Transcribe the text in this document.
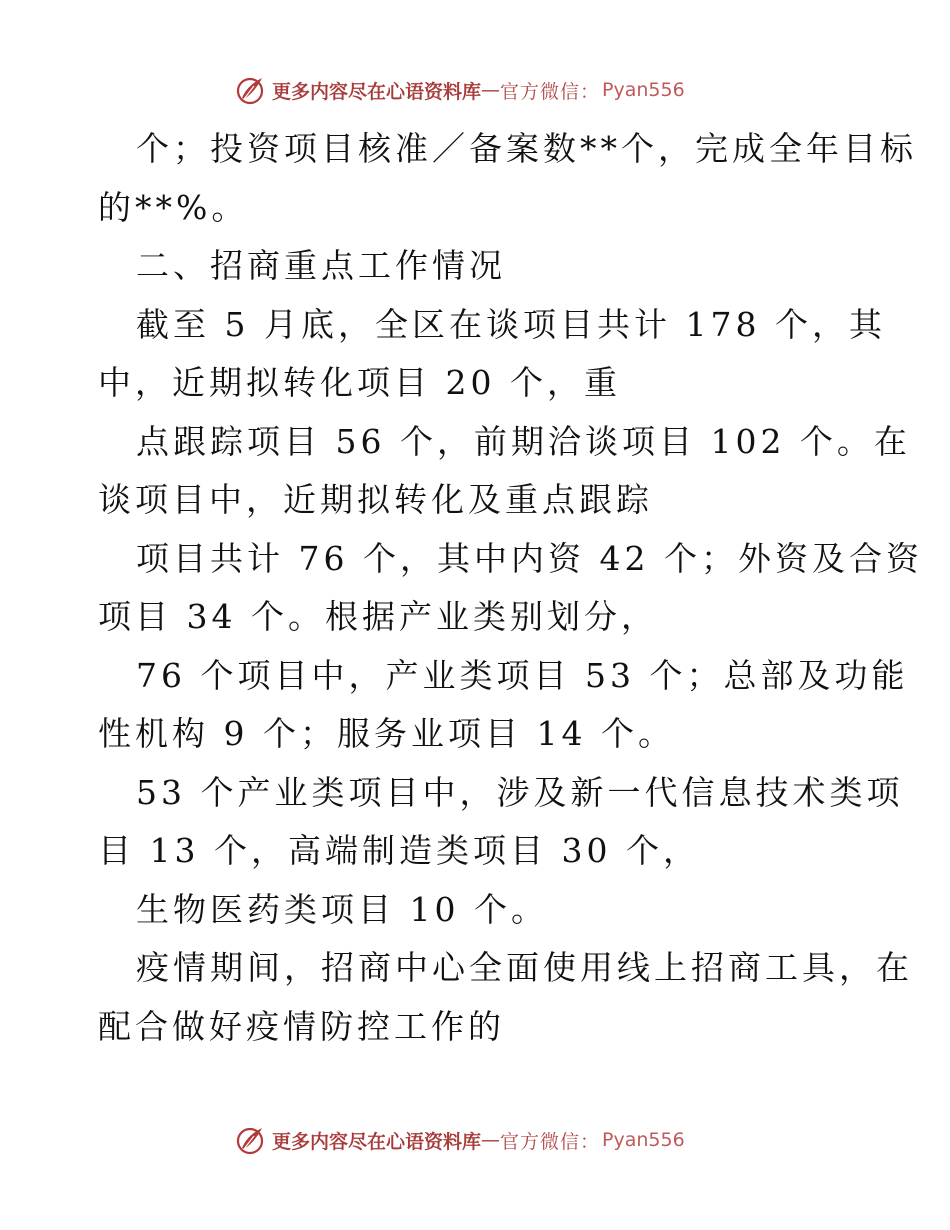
更多内容尽在心语资料库 — 官方微信： Pyan556
个；投资项目核准／备案数**个，完成全年目标
的**%。
二、招商重点工作情况
截至 5 月底，全区在谈项目共计 178 个，其
中，近期拟转化项目 20 个，重
点跟踪项目 56 个，前期洽谈项目 102 个。在
谈项目中，近期拟转化及重点跟踪
项目共计 76 个，其中内资 42 个；外资及合资
项目 34 个。根据产业类别划分，
76 个项目中，产业类项目 53 个；总部及功能
性机构 9 个；服务业项目 14 个。
53 个产业类项目中，涉及新一代信息技术类项
目 13 个，高端制造类项目 30 个，
生物医药类项目 10 个。
疫情期间，招商中心全面使用线上招商工具，在
配合做好疫情防控工作的
更多内容尽在心语资料库 — 官方微信： Pyan556
